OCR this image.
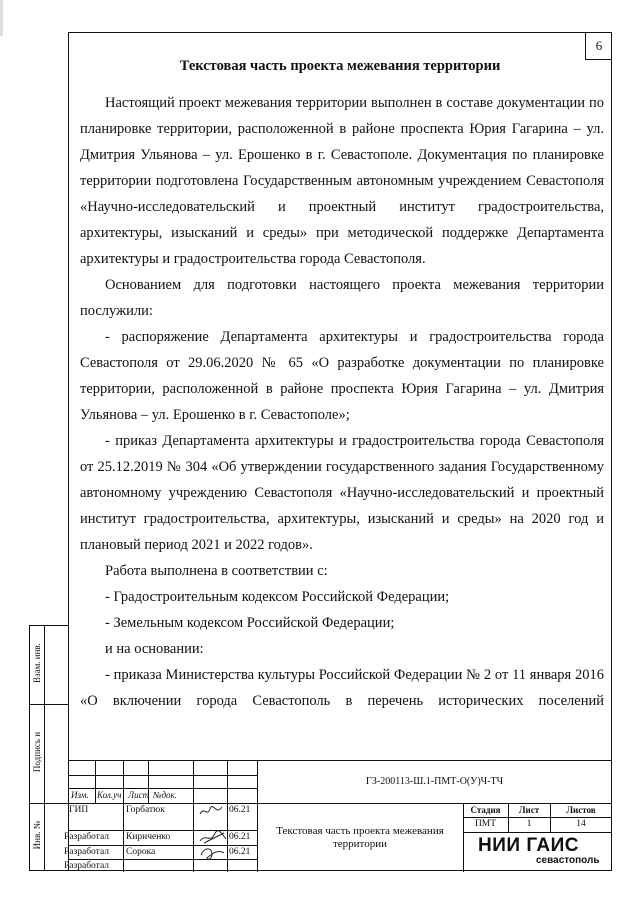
6
Текстовая часть проекта межевания территории
Настоящий проект межевания территории выполнен в составе документации по
планировке территории, расположенной в районе проспекта Юрия Гагарина – ул.
Дмитрия Ульянова – ул. Ерошенко в г. Севастополе. Документация по планировке
территории подготовлена Государственным автономным учреждением Севастополя
«Научно-исследовательский и проектный институт градостроительства,
архитектуры, изысканий и среды» при методической поддержке Департамента
архитектуры и градостроительства города Севастополя.
Основанием для подготовки настоящего проекта межевания территории
послужили:
- распоряжение Департамента архитектуры и градостроительства города
Севастополя от 29.06.2020 № 65 «О разработке документации по планировке
территории, расположенной в районе проспекта Юрия Гагарина – ул. Дмитрия
Ульянова – ул. Ерошенко в г. Севастополе»;
- приказ Департамента архитектуры и градостроительства города Севастополя
от 25.12.2019 № 304 «Об утверждении государственного задания Государственному
автономному учреждению Севастополя «Научно-исследовательский и проектный
институт градостроительства, архитектуры, изысканий и среды» на 2020 год и
плановый период 2021 и 2022 годов».
Работа выполнена в соответствии с:
- Градостроительным кодексом Российской Федерации;
- Земельным кодексом Российской Федерации;
и на основании:
- приказа Министерства культуры Российской Федерации № 2 от 11 января 2016
«О включении города Севастополь в перечень исторических поселений
Взам. инв.
Подпись и
Инв. №
Изм. Кол.уч Лист №док.
ГЗ-200113-Ш.1-ПМТ-О(У)Ч-ТЧ
ГИП	Горбатюк	06.21
Разработал Кириченко	06.21
Разработал Сорока	06.21
Разработал
Текстовая часть проекта межевания территории
Стадия	Лист	Листов
ПМТ	1	14
НИИ ГАИС
севастополь
